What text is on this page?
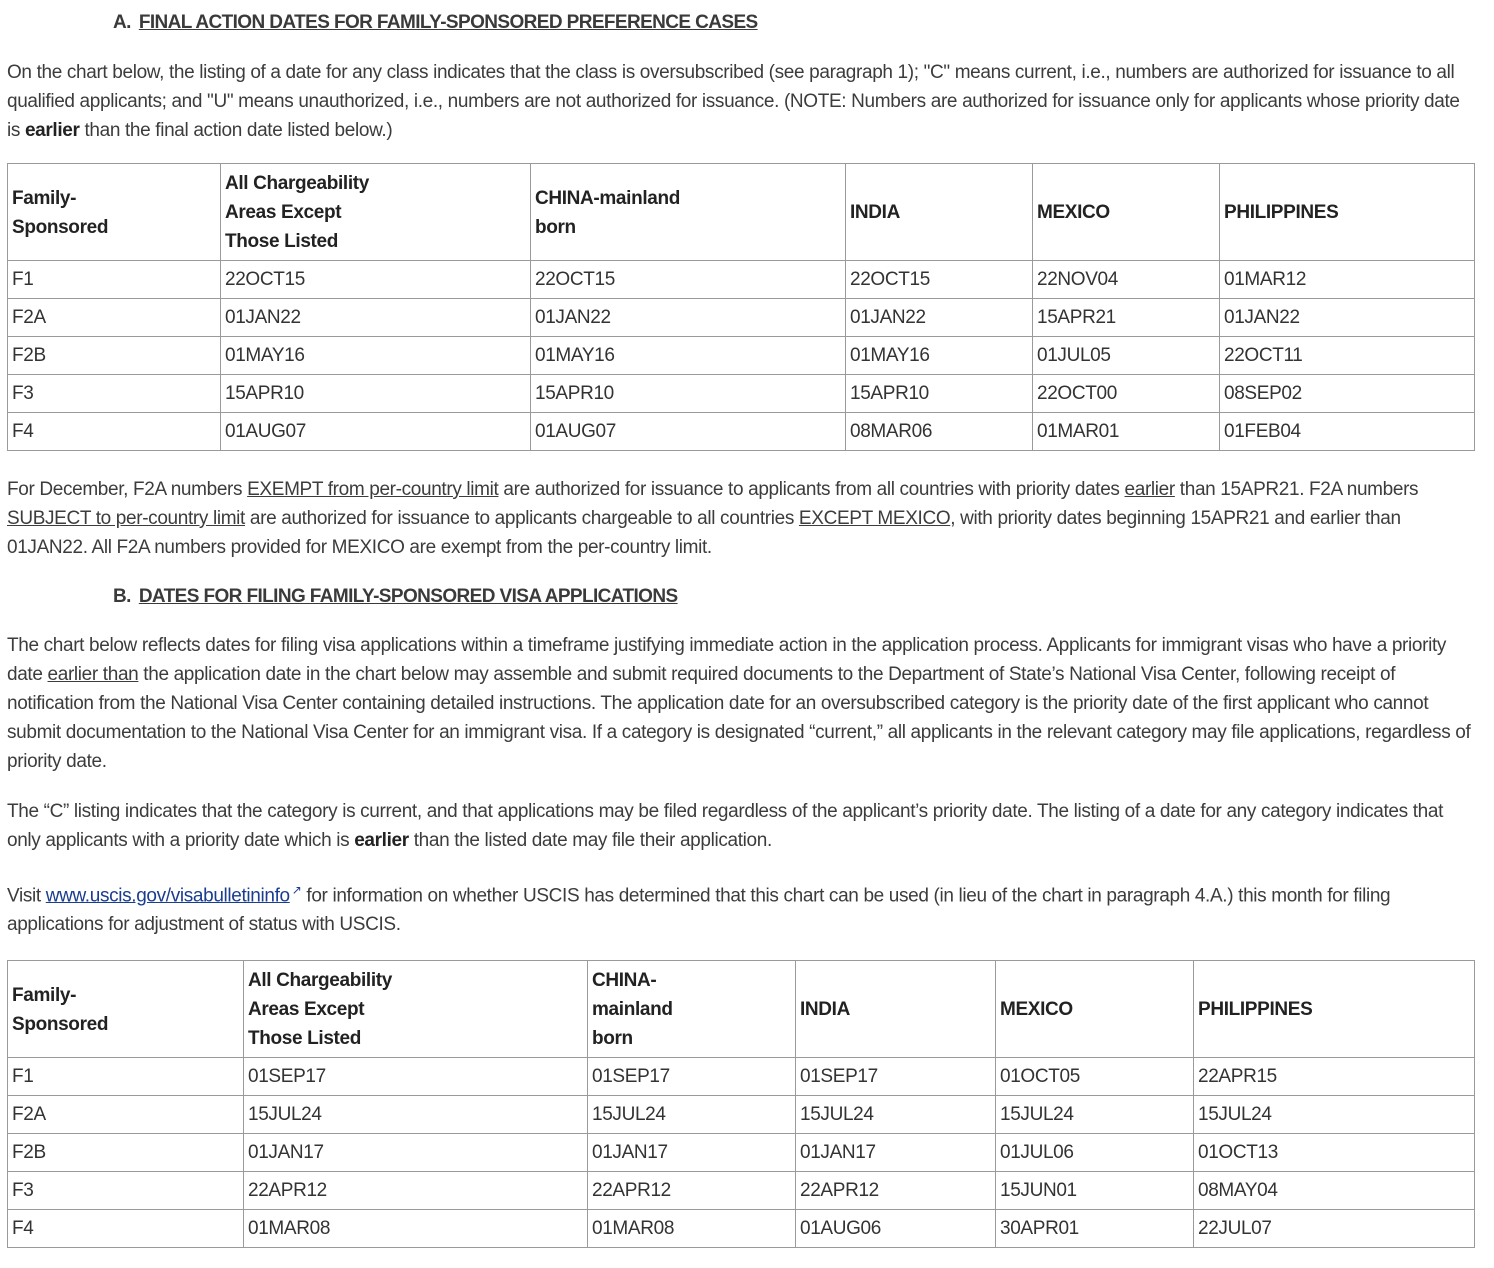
A. FINAL ACTION DATES FOR FAMILY-SPONSORED PREFERENCE CASES

On the chart below, the listing of a date for any class indicates that the class is oversubscribed (see paragraph 1); "C" means current, i.e., numbers are authorized for issuance to all qualified applicants; and "U" means unauthorized, i.e., numbers are not authorized for issuance. (NOTE: Numbers are authorized for issuance only for applicants whose priority date is earlier than the final action date listed below.)

Family-Sponsored	All Chargeability Areas Except Those Listed	CHINA-mainland born	INDIA	MEXICO	PHILIPPINES
F1	22OCT15	22OCT15	22OCT15	22NOV04	01MAR12
F2A	01JAN22	01JAN22	01JAN22	15APR21	01JAN22
F2B	01MAY16	01MAY16	01MAY16	01JUL05	22OCT11
F3	15APR10	15APR10	15APR10	22OCT00	08SEP02
F4	01AUG07	01AUG07	08MAR06	01MAR01	01FEB04

For December, F2A numbers EXEMPT from per-country limit are authorized for issuance to applicants from all countries with priority dates earlier than 15APR21. F2A numbers SUBJECT to per-country limit are authorized for issuance to applicants chargeable to all countries EXCEPT MEXICO, with priority dates beginning 15APR21 and earlier than 01JAN22. All F2A numbers provided for MEXICO are exempt from the per-country limit.

B. DATES FOR FILING FAMILY-SPONSORED VISA APPLICATIONS

The chart below reflects dates for filing visa applications within a timeframe justifying immediate action in the application process. Applicants for immigrant visas who have a priority date earlier than the application date in the chart below may assemble and submit required documents to the Department of State’s National Visa Center, following receipt of notification from the National Visa Center containing detailed instructions. The application date for an oversubscribed category is the priority date of the first applicant who cannot submit documentation to the National Visa Center for an immigrant visa. If a category is designated “current,” all applicants in the relevant category may file applications, regardless of priority date.

The “C” listing indicates that the category is current, and that applications may be filed regardless of the applicant’s priority date. The listing of a date for any category indicates that only applicants with a priority date which is earlier than the listed date may file their application.

Visit www.uscis.gov/visabulletininfo ↗ for information on whether USCIS has determined that this chart can be used (in lieu of the chart in paragraph 4.A.) this month for filing applications for adjustment of status with USCIS.

Family-Sponsored	All Chargeability Areas Except Those Listed	CHINA-mainland born	INDIA	MEXICO	PHILIPPINES
F1	01SEP17	01SEP17	01SEP17	01OCT05	22APR15
F2A	15JUL24	15JUL24	15JUL24	15JUL24	15JUL24
F2B	01JAN17	01JAN17	01JAN17	01JUL06	01OCT13
F3	22APR12	22APR12	22APR12	15JUN01	08MAY04
F4	01MAR08	01MAR08	01AUG06	30APR01	22JUL07
